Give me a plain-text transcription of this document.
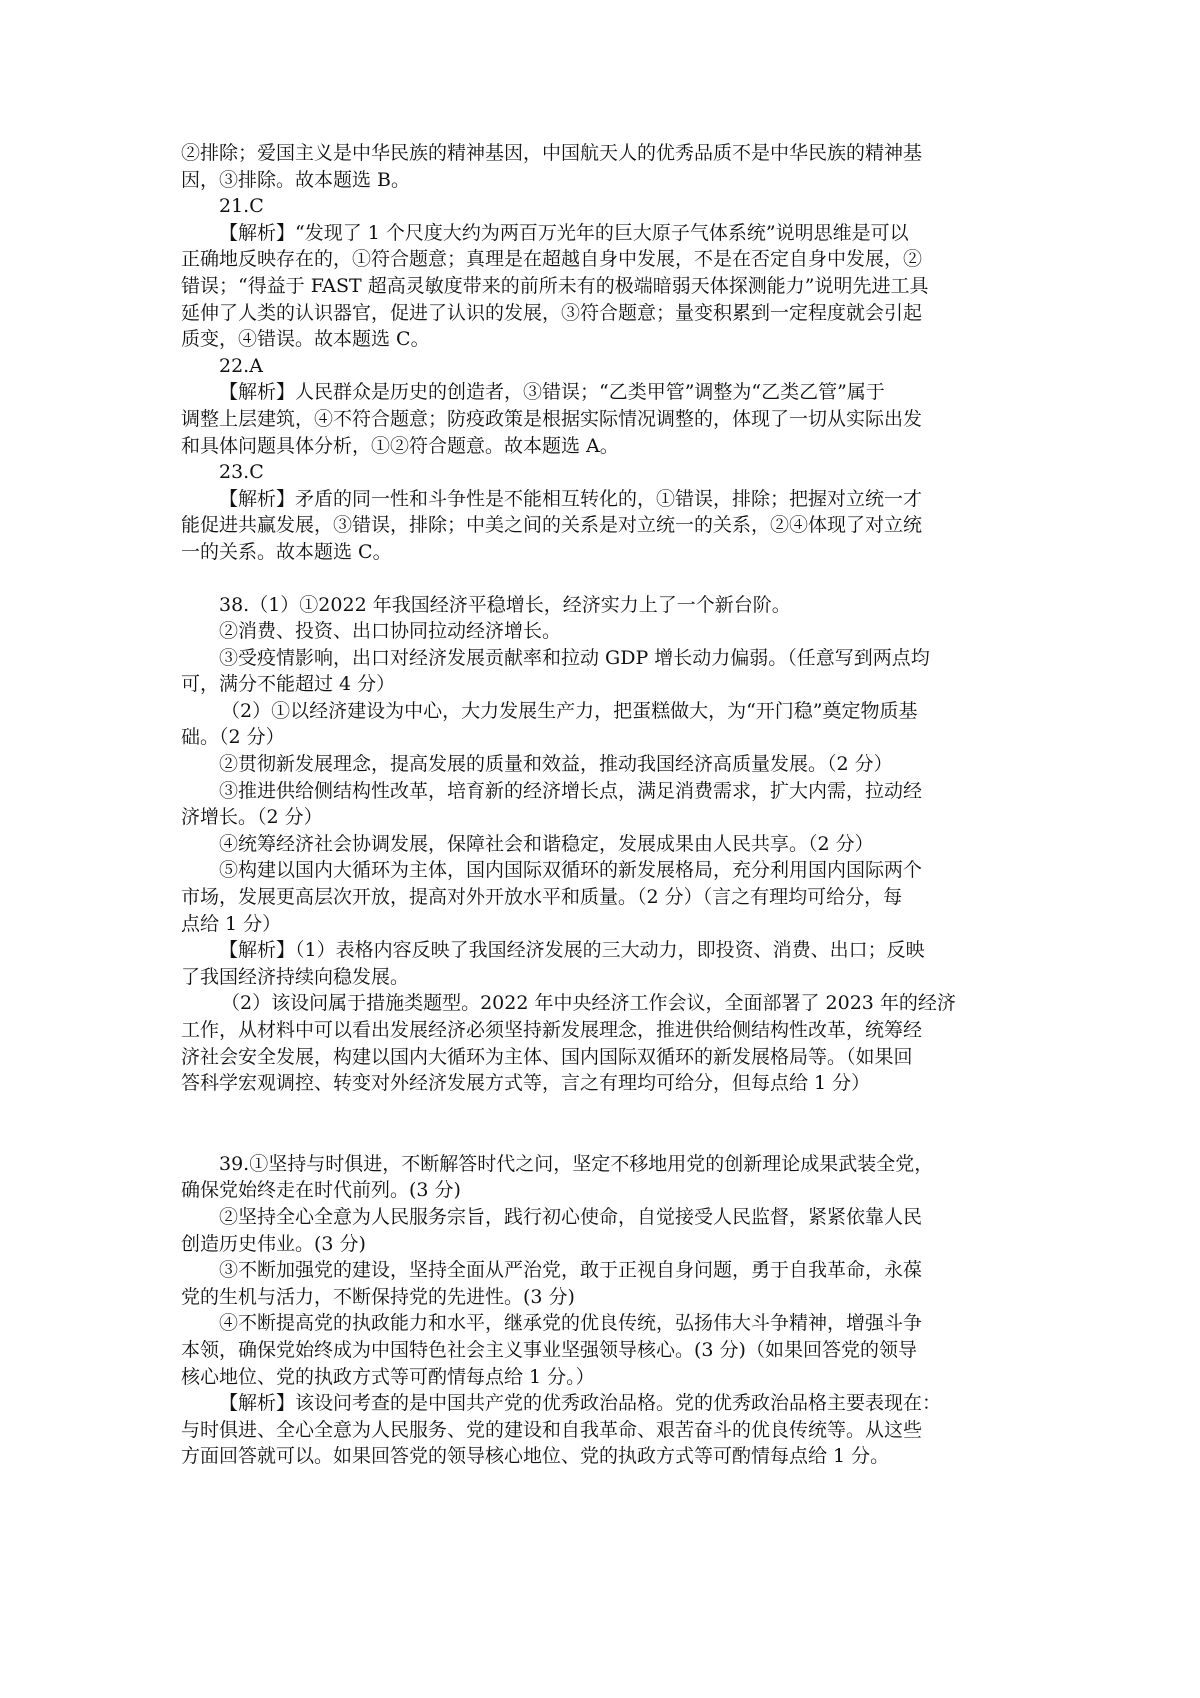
②排除；爱国主义是中华民族的精神基因，中国航天人的优秀品质不是中华民族的精神基

因，③排除。故本题选 B。

21.C

【解析】“发现了 1 个尺度大约为两百万光年的巨大原子气体系统”说明思维是可以

正确地反映存在的，①符合题意；真理是在超越自身中发展，不是在否定自身中发展，②

错误；“得益于 FAST 超高灵敏度带来的前所未有的极端暗弱天体探测能力”说明先进工具

延伸了人类的认识器官，促进了认识的发展，③符合题意；量变积累到一定程度就会引起

质变，④错误。故本题选 C。

22.A

【解析】人民群众是历史的创造者，③错误；“乙类甲管”调整为“乙类乙管”属于

调整上层建筑，④不符合题意；防疫政策是根据实际情况调整的，体现了一切从实际出发

和具体问题具体分析，①②符合题意。故本题选 A。

23.C

【解析】矛盾的同一性和斗争性是不能相互转化的，①错误，排除；把握对立统一才

能促进共赢发展，③错误，排除；中美之间的关系是对立统一的关系，②④体现了对立统

一的关系。故本题选 C。

38.（1）①2022 年我国经济平稳增长，经济实力上了一个新台阶。

②消费、投资、出口协同拉动经济增长。

③受疫情影响，出口对经济发展贡献率和拉动 GDP 增长动力偏弱。（任意写到两点均

可，满分不能超过 4 分）

（2）①以经济建设为中心，大力发展生产力，把蛋糕做大，为“开门稳”奠定物质基

础。（2 分）

②贯彻新发展理念，提高发展的质量和效益，推动我国经济高质量发展。（2 分）

③推进供给侧结构性改革，培育新的经济增长点，满足消费需求，扩大内需，拉动经

济增长。（2 分）

④统筹经济社会协调发展，保障社会和谐稳定，发展成果由人民共享。（2 分）

⑤构建以国内大循环为主体，国内国际双循环的新发展格局，充分利用国内国际两个

市场，发展更高层次开放，提高对外开放水平和质量。（2 分）（言之有理均可给分，每

点给 1 分）

【解析】（1）表格内容反映了我国经济发展的三大动力，即投资、消费、出口；反映

了我国经济持续向稳发展。

（2）该设问属于措施类题型。2022 年中央经济工作会议，全面部署了 2023 年的经济

工作，从材料中可以看出发展经济必须坚持新发展理念，推进供给侧结构性改革，统筹经

济社会安全发展，构建以国内大循环为主体、国内国际双循环的新发展格局等。（如果回

答科学宏观调控、转变对外经济发展方式等，言之有理均可给分，但每点给 1 分）

39.①坚持与时俱进，不断解答时代之问，坚定不移地用党的创新理论成果武装全党，

确保党始终走在时代前列。(3 分)

②坚持全心全意为人民服务宗旨，践行初心使命，自觉接受人民监督，紧紧依靠人民

创造历史伟业。(3 分)

③不断加强党的建设，坚持全面从严治党，敢于正视自身问题，勇于自我革命，永葆

党的生机与活力，不断保持党的先进性。(3 分)

④不断提高党的执政能力和水平，继承党的优良传统，弘扬伟大斗争精神，增强斗争

本领，确保党始终成为中国特色社会主义事业坚强领导核心。(3 分)（如果回答党的领导

核心地位、党的执政方式等可酌情每点给 1 分。）

【解析】该设问考查的是中国共产党的优秀政治品格。党的优秀政治品格主要表现在：

与时俱进、全心全意为人民服务、党的建设和自我革命、艰苦奋斗的优良传统等。从这些

方面回答就可以。如果回答党的领导核心地位、党的执政方式等可酌情每点给 1 分。
